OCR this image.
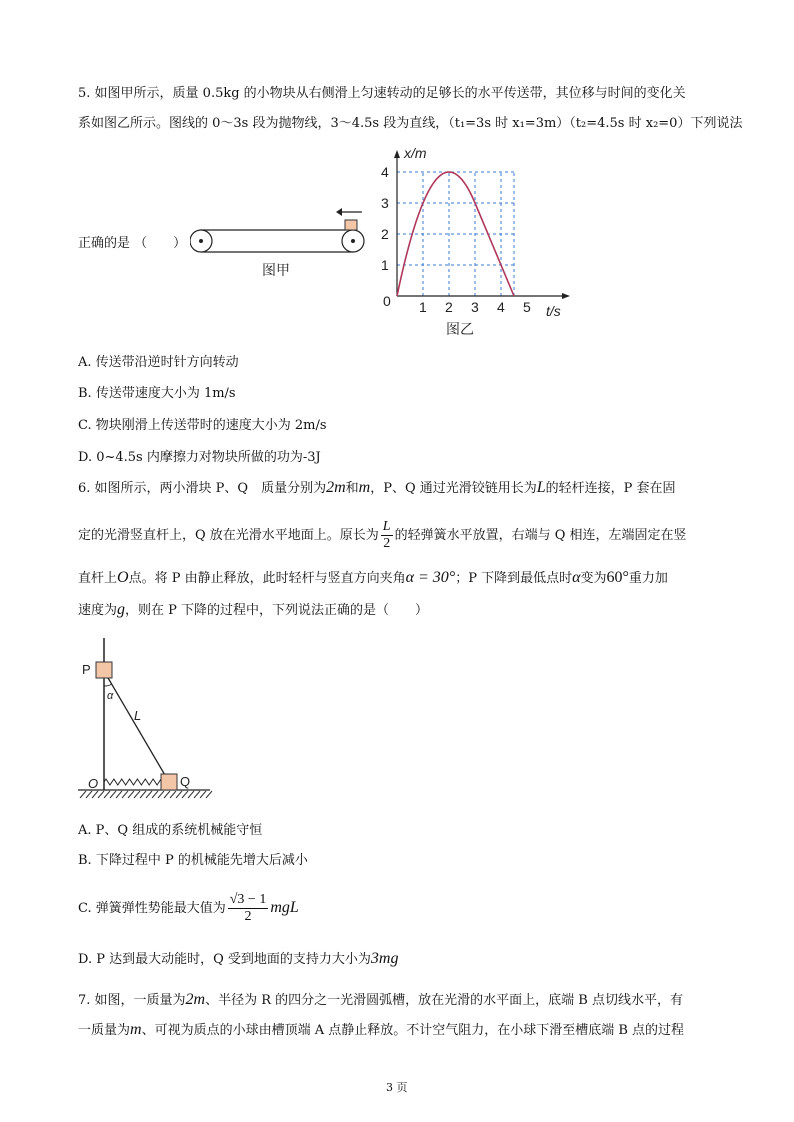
5. 如图甲所示，质量 0.5kg 的小物块从右侧滑上匀速转动的足够长的水平传送带，其位移与时间的变化关
系如图乙所示。图线的 0～3s 段为抛物线，3～4.5s 段为直线，（t₁=3s 时 x₁=3m）（t₂=4.5s 时 x₂=0）下列说法
正确的是 （　　）
图甲
1 2 3 4 5
1
2
3
4
x/m
t/s
0
图乙
A. 传送带沿逆时针方向转动
B. 传送带速度大小为 1m/s
C. 物块刚滑上传送带时的速度大小为 2m/s
D. 0~4.5s 内摩擦力对物块所做的功为-3J
6. 如图所示，两小滑块 P、Q　质量分别为2m和m，P、Q 通过光滑铰链用长为L的轻杆连接，P 套在固
定的光滑竖直杆上，Q 放在光滑水平地面上。原长为 $\frac{L}{2}$ 的轻弹簧水平放置，右端与 Q 相连，左端固定在竖
直杆上O点。将 P 由静止释放，此时轻杆与竖直方向夹角α = 30°；P 下降到最低点时α变为60°重力加
速度为g，则在 P 下降的过程中，下列说法正确的是（　　）
P
Q
O
L
α
A. P、Q 组成的系统机械能守恒
B. 下降过程中 P 的机械能先增大后减小
C. 弹簧弹性势能最大值为 $\frac{√3 - 1}{2}$ mgL
D. P 达到最大动能时，Q 受到地面的支持力大小为3mg
7. 如图，一质量为2m、半径为 R 的四分之一光滑圆弧槽，放在光滑的水平面上，底端 B 点切线水平，有
一质量为m、可视为质点的小球由槽顶端 A 点静止释放。不计空气阻力，在小球下滑至槽底端 B 点的过程
3 页
